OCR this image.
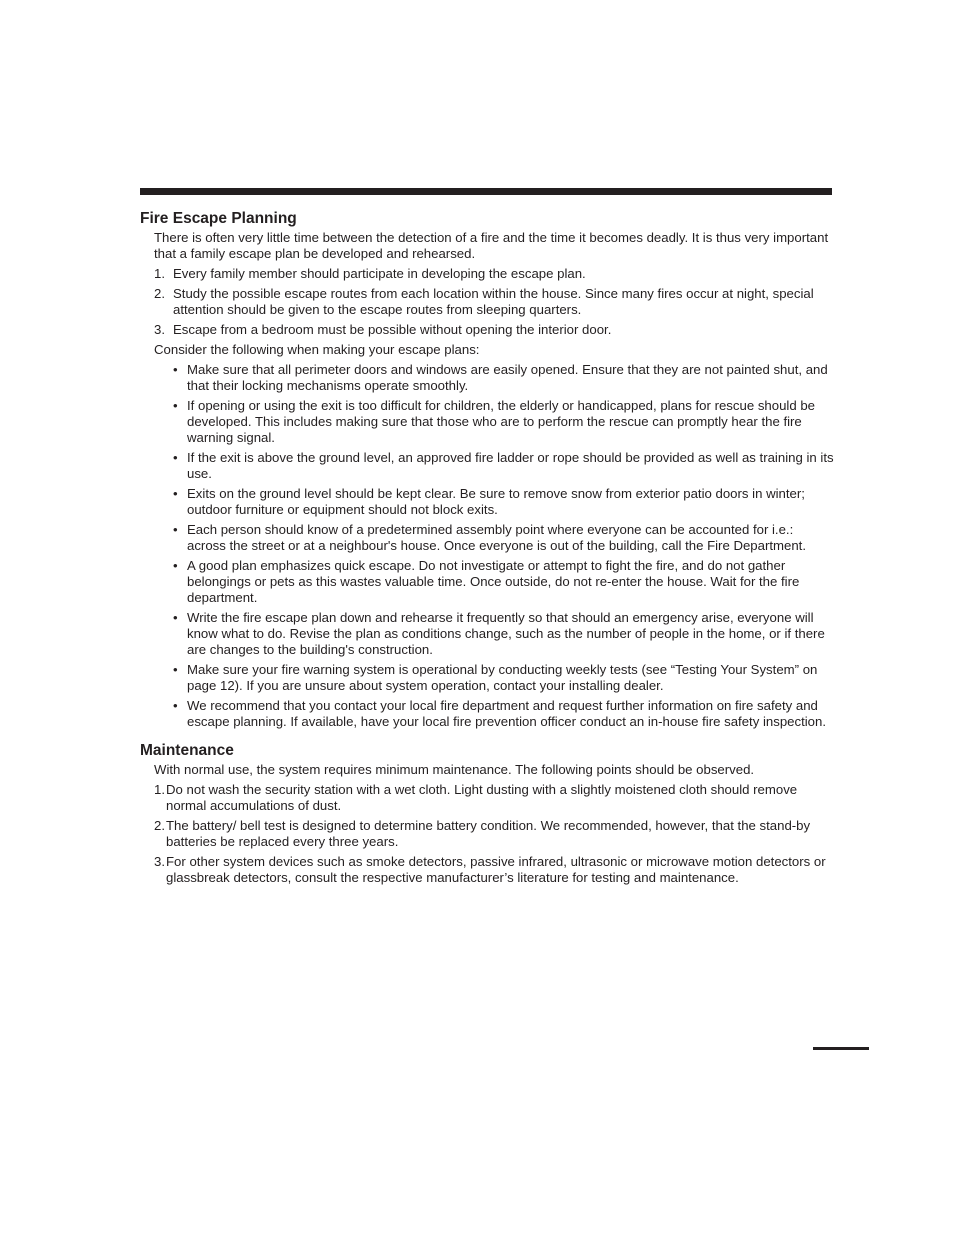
Fire Escape Planning

There is often very little time between the detection of a fire and the time it becomes deadly. It is thus very important that a family escape plan be developed and rehearsed.

1. Every family member should participate in developing the escape plan.
2. Study the possible escape routes from each location within the house. Since many fires occur at night, special attention should be given to the escape routes from sleeping quarters.
3. Escape from a bedroom must be possible without opening the interior door.

Consider the following when making your escape plans:

• Make sure that all perimeter doors and windows are easily opened. Ensure that they are not painted shut, and that their locking mechanisms operate smoothly.
• If opening or using the exit is too difficult for children, the elderly or handicapped, plans for rescue should be developed. This includes making sure that those who are to perform the rescue can promptly hear the fire warning signal.
• If the exit is above the ground level, an approved fire ladder or rope should be provided as well as training in its use.
• Exits on the ground level should be kept clear. Be sure to remove snow from exterior patio doors in winter; outdoor furniture or equipment should not block exits.
• Each person should know of a predetermined assembly point where everyone can be accounted for i.e.: across the street or at a neighbour's house. Once everyone is out of the building, call the Fire Department.
• A good plan emphasizes quick escape. Do not investigate or attempt to fight the fire, and do not gather belongings or pets as this wastes valuable time. Once outside, do not re-enter the house. Wait for the fire department.
• Write the fire escape plan down and rehearse it frequently so that should an emergency arise, everyone will know what to do. Revise the plan as conditions change, such as the number of people in the home, or if there are changes to the building's construction.
• Make sure your fire warning system is operational by conducting weekly tests (see “Testing Your System” on page 12). If you are unsure about system operation, contact your installing dealer.
• We recommend that you contact your local fire department and request further information on fire safety and escape planning. If available, have your local fire prevention officer conduct an in-house fire safety inspection.
Maintenance

With normal use, the system requires minimum maintenance. The following points should be observed.

1. Do not wash the security station with a wet cloth. Light dusting with a slightly moistened cloth should remove normal accumulations of dust.
2. The battery/ bell test is designed to determine battery condition. We recommended, however, that the stand-by batteries be replaced every three years.
3. For other system devices such as smoke detectors, passive infrared, ultrasonic or microwave motion detectors or glassbreak detectors, consult the respective manufacturer’s literature for testing and maintenance.
